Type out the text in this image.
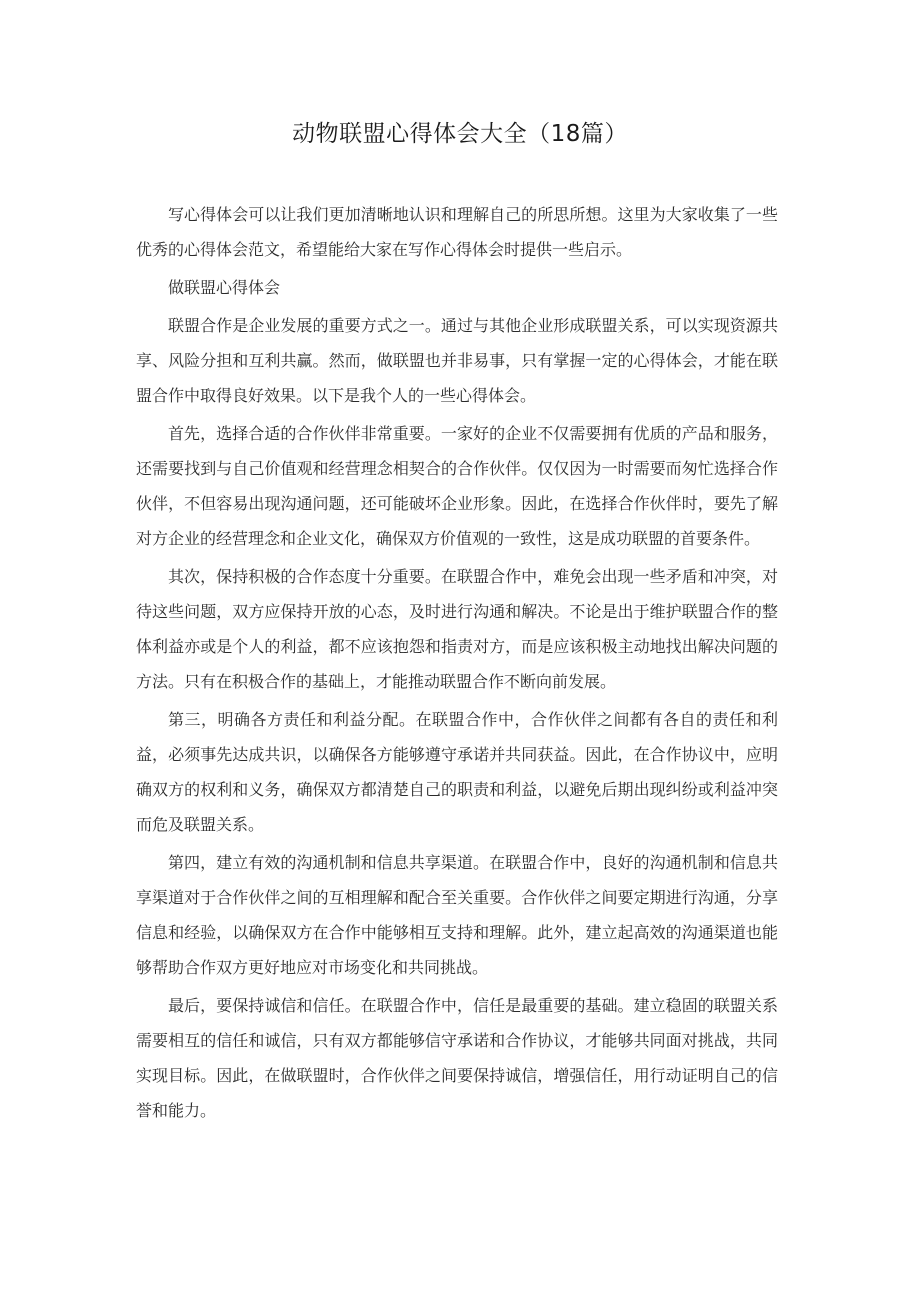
动物联盟心得体会大全（18篇）

写心得体会可以让我们更加清晰地认识和理解自己的所思所想。这里为大家收集了一些优秀的心得体会范文，希望能给大家在写作心得体会时提供一些启示。

做联盟心得体会

联盟合作是企业发展的重要方式之一。通过与其他企业形成联盟关系，可以实现资源共享、风险分担和互利共赢。然而，做联盟也并非易事，只有掌握一定的心得体会，才能在联盟合作中取得良好效果。以下是我个人的一些心得体会。

首先，选择合适的合作伙伴非常重要。一家好的企业不仅需要拥有优质的产品和服务，还需要找到与自己价值观和经营理念相契合的合作伙伴。仅仅因为一时需要而匆忙选择合作伙伴，不但容易出现沟通问题，还可能破坏企业形象。因此，在选择合作伙伴时，要先了解对方企业的经营理念和企业文化，确保双方价值观的一致性，这是成功联盟的首要条件。

其次，保持积极的合作态度十分重要。在联盟合作中，难免会出现一些矛盾和冲突，对待这些问题，双方应保持开放的心态，及时进行沟通和解决。不论是出于维护联盟合作的整体利益亦或是个人的利益，都不应该抱怨和指责对方，而是应该积极主动地找出解决问题的方法。只有在积极合作的基础上，才能推动联盟合作不断向前发展。

第三，明确各方责任和利益分配。在联盟合作中，合作伙伴之间都有各自的责任和利益，必须事先达成共识，以确保各方能够遵守承诺并共同获益。因此，在合作协议中，应明确双方的权利和义务，确保双方都清楚自己的职责和利益，以避免后期出现纠纷或利益冲突而危及联盟关系。

第四，建立有效的沟通机制和信息共享渠道。在联盟合作中，良好的沟通机制和信息共享渠道对于合作伙伴之间的互相理解和配合至关重要。合作伙伴之间要定期进行沟通，分享信息和经验，以确保双方在合作中能够相互支持和理解。此外，建立起高效的沟通渠道也能够帮助合作双方更好地应对市场变化和共同挑战。

最后，要保持诚信和信任。在联盟合作中，信任是最重要的基础。建立稳固的联盟关系需要相互的信任和诚信，只有双方都能够信守承诺和合作协议，才能够共同面对挑战，共同实现目标。因此，在做联盟时，合作伙伴之间要保持诚信，增强信任，用行动证明自己的信誉和能力。
